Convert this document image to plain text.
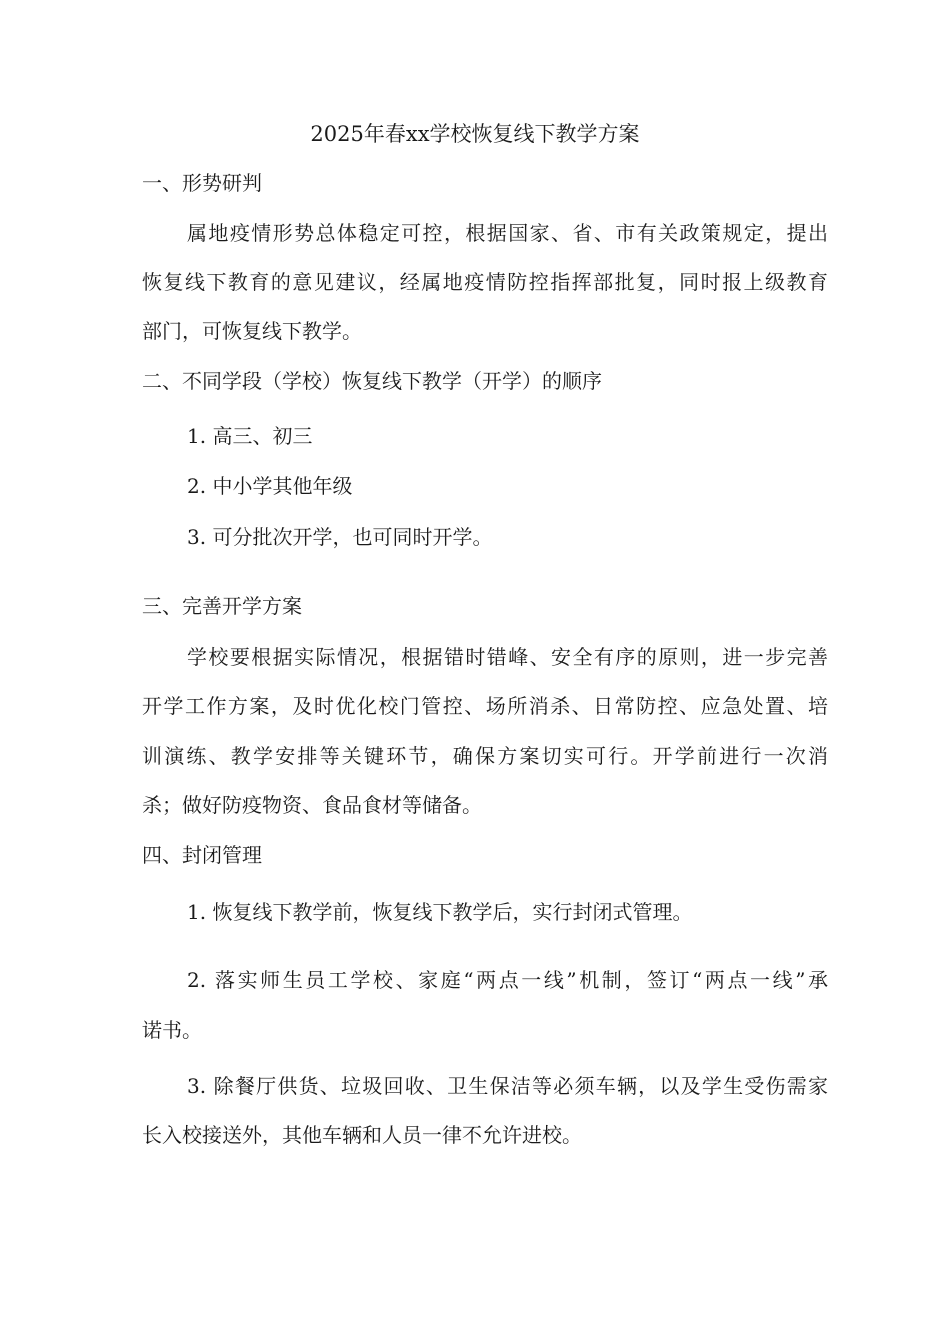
2025年春xx学校恢复线下教学方案

一、形势研判

属地疫情形势总体稳定可控，根据国家、省、市有关政策规定，提出

恢复线下教育的意见建议，经属地疫情防控指挥部批复，同时报上级教育

部门，可恢复线下教学。

二、不同学段（学校）恢复线下教学（开学）的顺序

1. 高三、初三

2. 中小学其他年级

3. 可分批次开学，也可同时开学。

三、完善开学方案

学校要根据实际情况，根据错时错峰、安全有序的原则，进一步完善

开学工作方案，及时优化校门管控、场所消杀、日常防控、应急处置、培

训演练、教学安排等关键环节，确保方案切实可行。开学前进行一次消

杀；做好防疫物资、食品食材等储备。

四、封闭管理

1. 恢复线下教学前，恢复线下教学后，实行封闭式管理。

2. 落实师生员工学校、家庭“两点一线”机制，签订“两点一线”承

诺书。

3. 除餐厅供货、垃圾回收、卫生保洁等必须车辆，以及学生受伤需家

长入校接送外，其他车辆和人员一律不允许进校。
